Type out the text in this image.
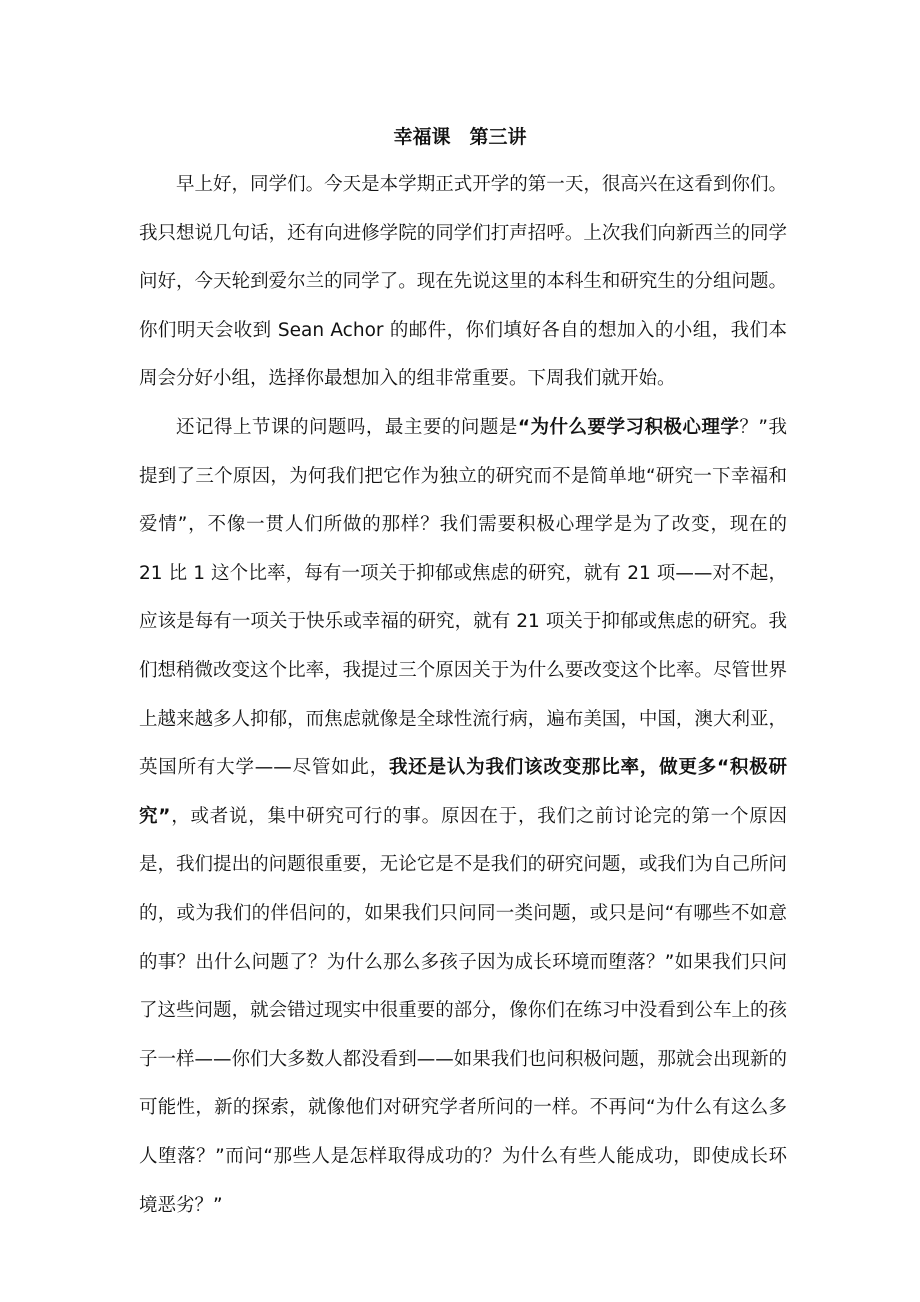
幸福课　第三讲

早上好，同学们。今天是本学期正式开学的第一天，很高兴在这看到你们。我只想说几句话，还有向进修学院的同学们打声招呼。上次我们向新西兰的同学问好，今天轮到爱尔兰的同学了。现在先说这里的本科生和研究生的分组问题。你们明天会收到 Sean Achor 的邮件，你们填好各自的想加入的小组，我们本周会分好小组，选择你最想加入的组非常重要。下周我们就开始。

还记得上节课的问题吗，最主要的问题是“为什么要学习积极心理学？”我提到了三个原因，为何我们把它作为独立的研究而不是简单地“研究一下幸福和爱情”，不像一贯人们所做的那样？我们需要积极心理学是为了改变，现在的 21 比 1 这个比率，每有一项关于抑郁或焦虑的研究，就有 21 项——对不起，应该是每有一项关于快乐或幸福的研究，就有 21 项关于抑郁或焦虑的研究。我们想稍微改变这个比率，我提过三个原因关于为什么要改变这个比率。尽管世界上越来越多人抑郁，而焦虑就像是全球性流行病，遍布美国，中国，澳大利亚，英国所有大学——尽管如此，我还是认为我们该改变那比率，做更多“积极研究”，或者说，集中研究可行的事。原因在于，我们之前讨论完的第一个原因是，我们提出的问题很重要，无论它是不是我们的研究问题，或我们为自己所问的，或为我们的伴侣问的，如果我们只问同一类问题，或只是问“有哪些不如意的事？出什么问题了？为什么那么多孩子因为成长环境而堕落？”如果我们只问了这些问题，就会错过现实中很重要的部分，像你们在练习中没看到公车上的孩子一样——你们大多数人都没看到——如果我们也问积极问题，那就会出现新的可能性，新的探索，就像他们对研究学者所问的一样。不再问“为什么有这么多人堕落？”而问“那些人是怎样取得成功的？为什么有些人能成功，即使成长环境恶劣？”
